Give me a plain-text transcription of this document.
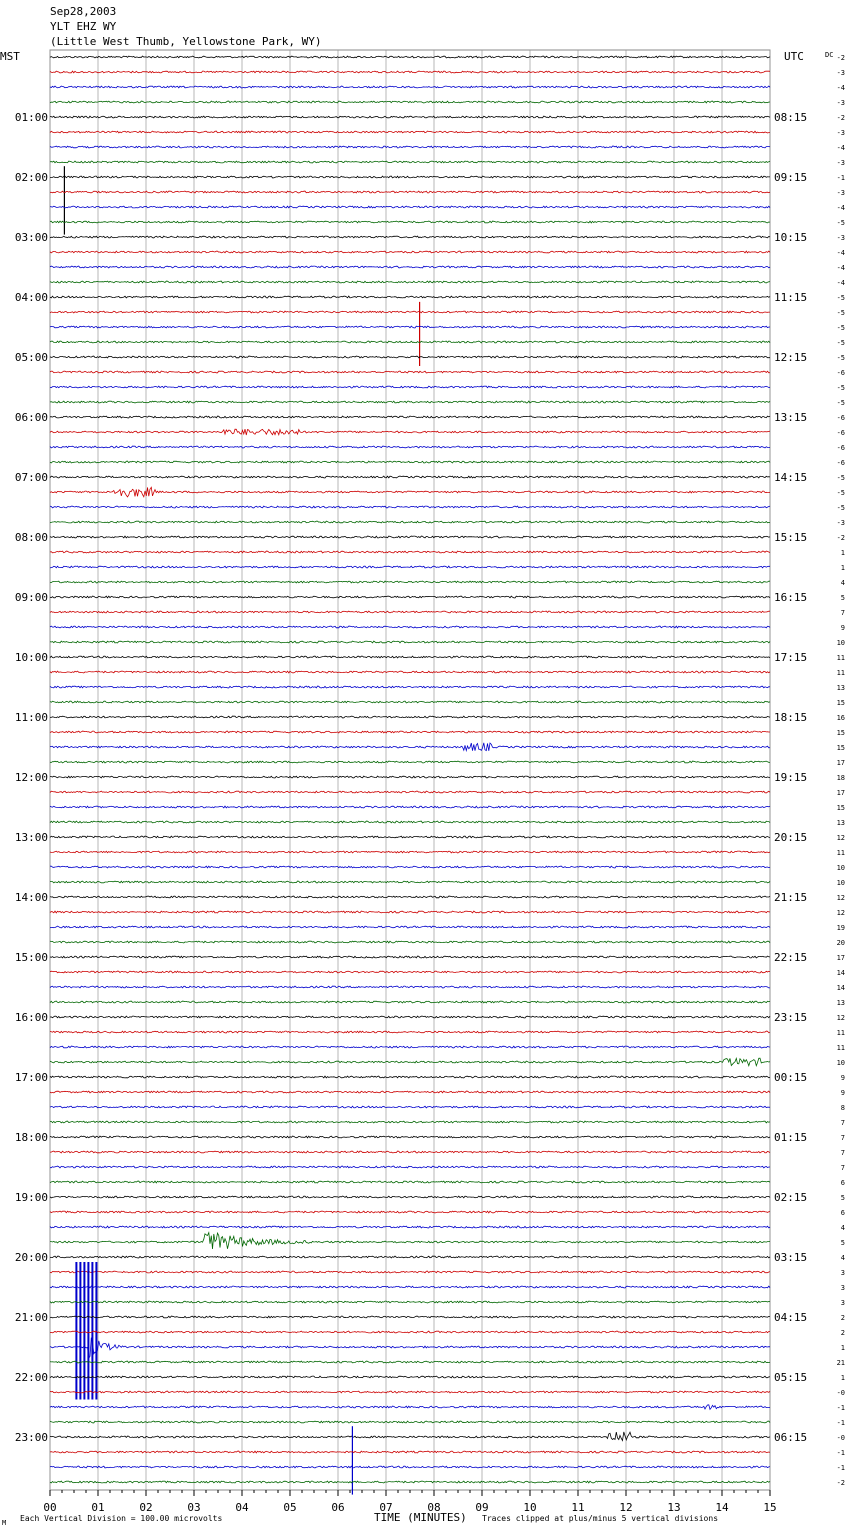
Sep28,2003
YLT EHZ WY
(Little West Thumb, Yellowstone Park, WY)
MST	UTC	DC
00	01	02	03	04	05	06	07	08	09	10	11	12	13	14	15
-2
-3
-4
-3
-2
-3
-4
-3
-1
-3
-4
-5
-3
-4
-4
-4
-5
-5
-5
-5
-5
-6
-5
-5
-6
-6
-6
-6
-5
-5
-5
-3
-2
1
1
4
5
7
9
10
11
11
13
15
16
15
15
17
18
17
15
13
12
11
10
10
12
12
19
20
17
14
14
13
12
11
11
10
9
9
8
7
7
7
7
6
5
6
4
5
4
3
3
3
2
2
1
21
1
-0
-1
-1
-0
-1
-1
-2
01:00	08:15
02:00	09:15
03:00	10:15
04:00	11:15
05:00	12:15
06:00	13:15
07:00	14:15
08:00	15:15
09:00	16:15
10:00	17:15
11:00	18:15
12:00	19:15
13:00	20:15
14:00	21:15
15:00	22:15
16:00	23:15
17:00	00:15
18:00	01:15
19:00	02:15
20:00	03:15
21:00	04:15
22:00	05:15
23:00	06:15
TIME (MINUTES)
Each Vertical Division = 100.00 microvolts	Traces clipped at plus/minus 5 vertical divisions
M
